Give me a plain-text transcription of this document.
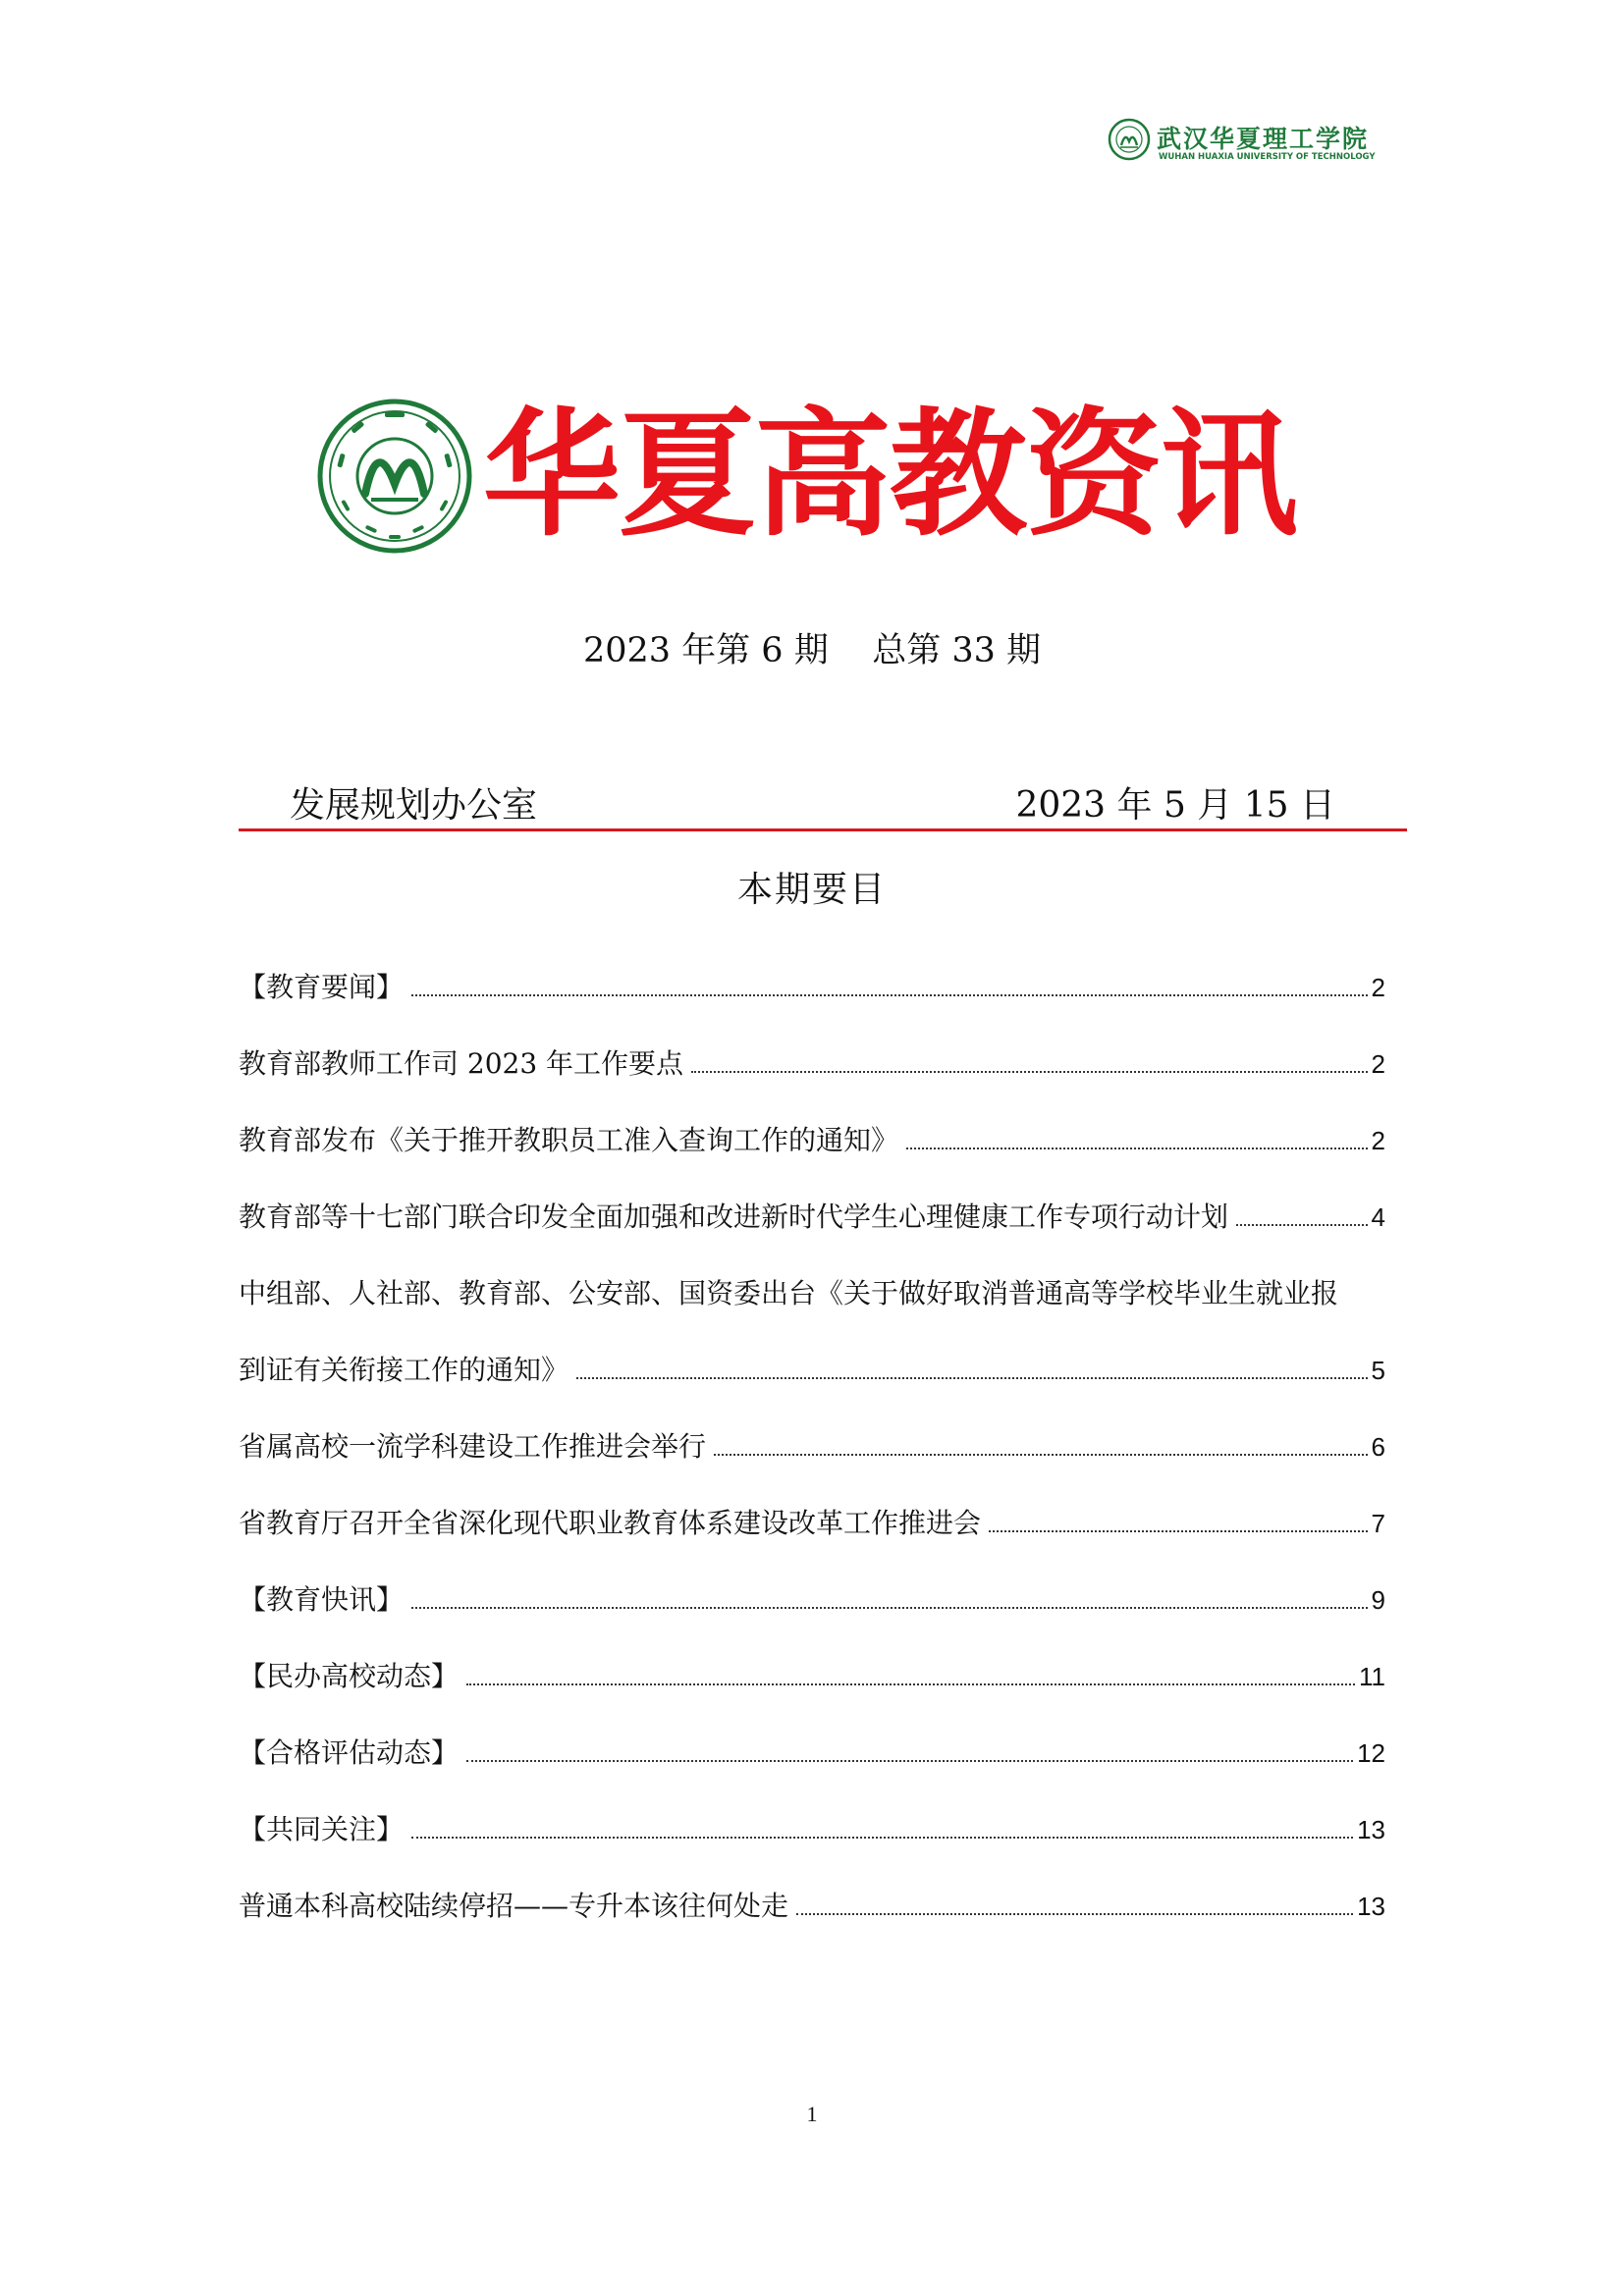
武汉华夏理工学院
WUHAN HUAXIA UNIVERSITY OF TECHNOLOGY
华夏高教资讯
2023 年第 6 期    总第 33 期
发展规划办公室	2023 年 5 月 15 日
本期要目
【教育要闻】	2
教育部教师工作司 2023 年工作要点	2
教育部发布《关于推开教职员工准入查询工作的通知》	2
教育部等十七部门联合印发全面加强和改进新时代学生心理健康工作专项行动计划	4
中组部、人社部、教育部、公安部、国资委出台《关于做好取消普通高等学校毕业生就业报
到证有关衔接工作的通知》	5
省属高校一流学科建设工作推进会举行	6
省教育厅召开全省深化现代职业教育体系建设改革工作推进会	7
【教育快讯】	9
【民办高校动态】	11
【合格评估动态】	12
【共同关注】	13
普通本科高校陆续停招——专升本该往何处走	13
1
